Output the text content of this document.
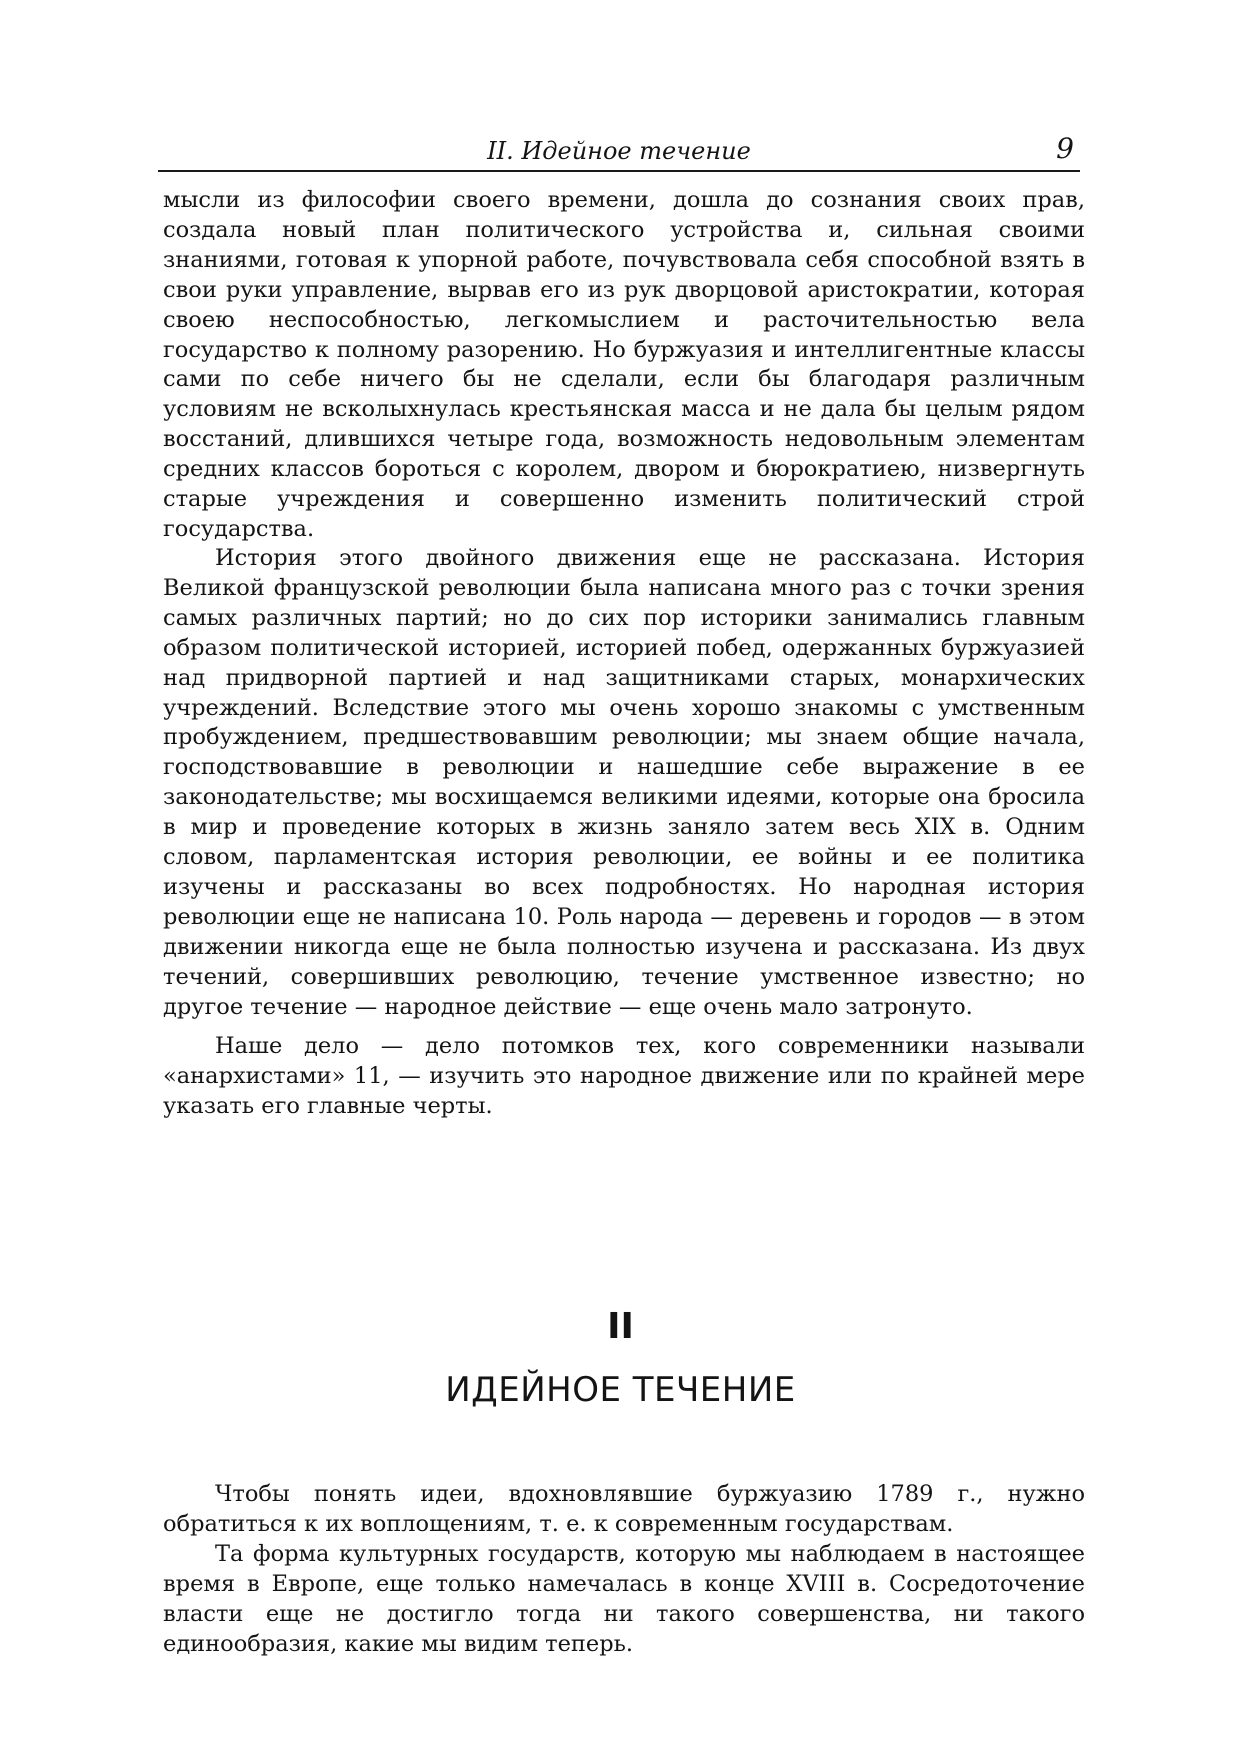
II. Идейное течение	9

мысли из философии своего времени, дошла до сознания своих прав, создала новый план политического устройства и, сильная своими знаниями, готовая к упорной работе, почувствовала себя способной взять в свои руки управление, вырвав его из рук дворцовой аристократии, которая своею неспособностью, легкомыслием и расточительностью вела государство к полному разорению. Но буржуазия и интеллигентные классы сами по себе ничего бы не сделали, если бы благодаря различным условиям не всколыхнулась крестьянская масса и не дала бы целым рядом восстаний, длившихся четыре года, возможность недовольным элементам средних классов бороться с королем, двором и бюрократиею, низвергнуть старые учреждения и совершенно изменить политический строй государства.

История этого двойного движения еще не рассказана. История Великой французской революции была написана много раз с точки зрения самых различных партий; но до сих пор историки занимались главным образом политической историей, историей побед, одержанных буржуазией над придворной партией и над защитниками старых, монархических учреждений. Вследствие этого мы очень хорошо знакомы с умственным пробуждением, предшествовавшим революции; мы знаем общие начала, господствовавшие в революции и нашедшие себе выражение в ее законодательстве; мы восхищаемся великими идеями, которые она бросила в мир и проведение которых в жизнь заняло затем весь XIX в. Одним словом, парламентская история революции, ее войны и ее политика изучены и рассказаны во всех подробностях. Но народная история революции еще не написана 10. Роль народа — деревень и городов — в этом движении никогда еще не была полностью изучена и рассказана. Из двух течений, совершивших революцию, течение умственное известно; но другое течение — народное действие — еще очень мало затронуто.

Наше дело — дело потомков тех, кого современники называли «анархистами» 11, — изучить это народное движение или по крайней мере указать его главные черты.

II
ИДЕЙНОЕ ТЕЧЕНИЕ

Чтобы понять идеи, вдохновлявшие буржуазию 1789 г., нужно обратиться к их воплощениям, т. е. к современным государствам.

Та форма культурных государств, которую мы наблюдаем в настоящее время в Европе, еще только намечалась в конце XVIII в. Сосредоточение власти еще не достигло тогда ни такого совершенства, ни такого единообразия, какие мы видим теперь.
